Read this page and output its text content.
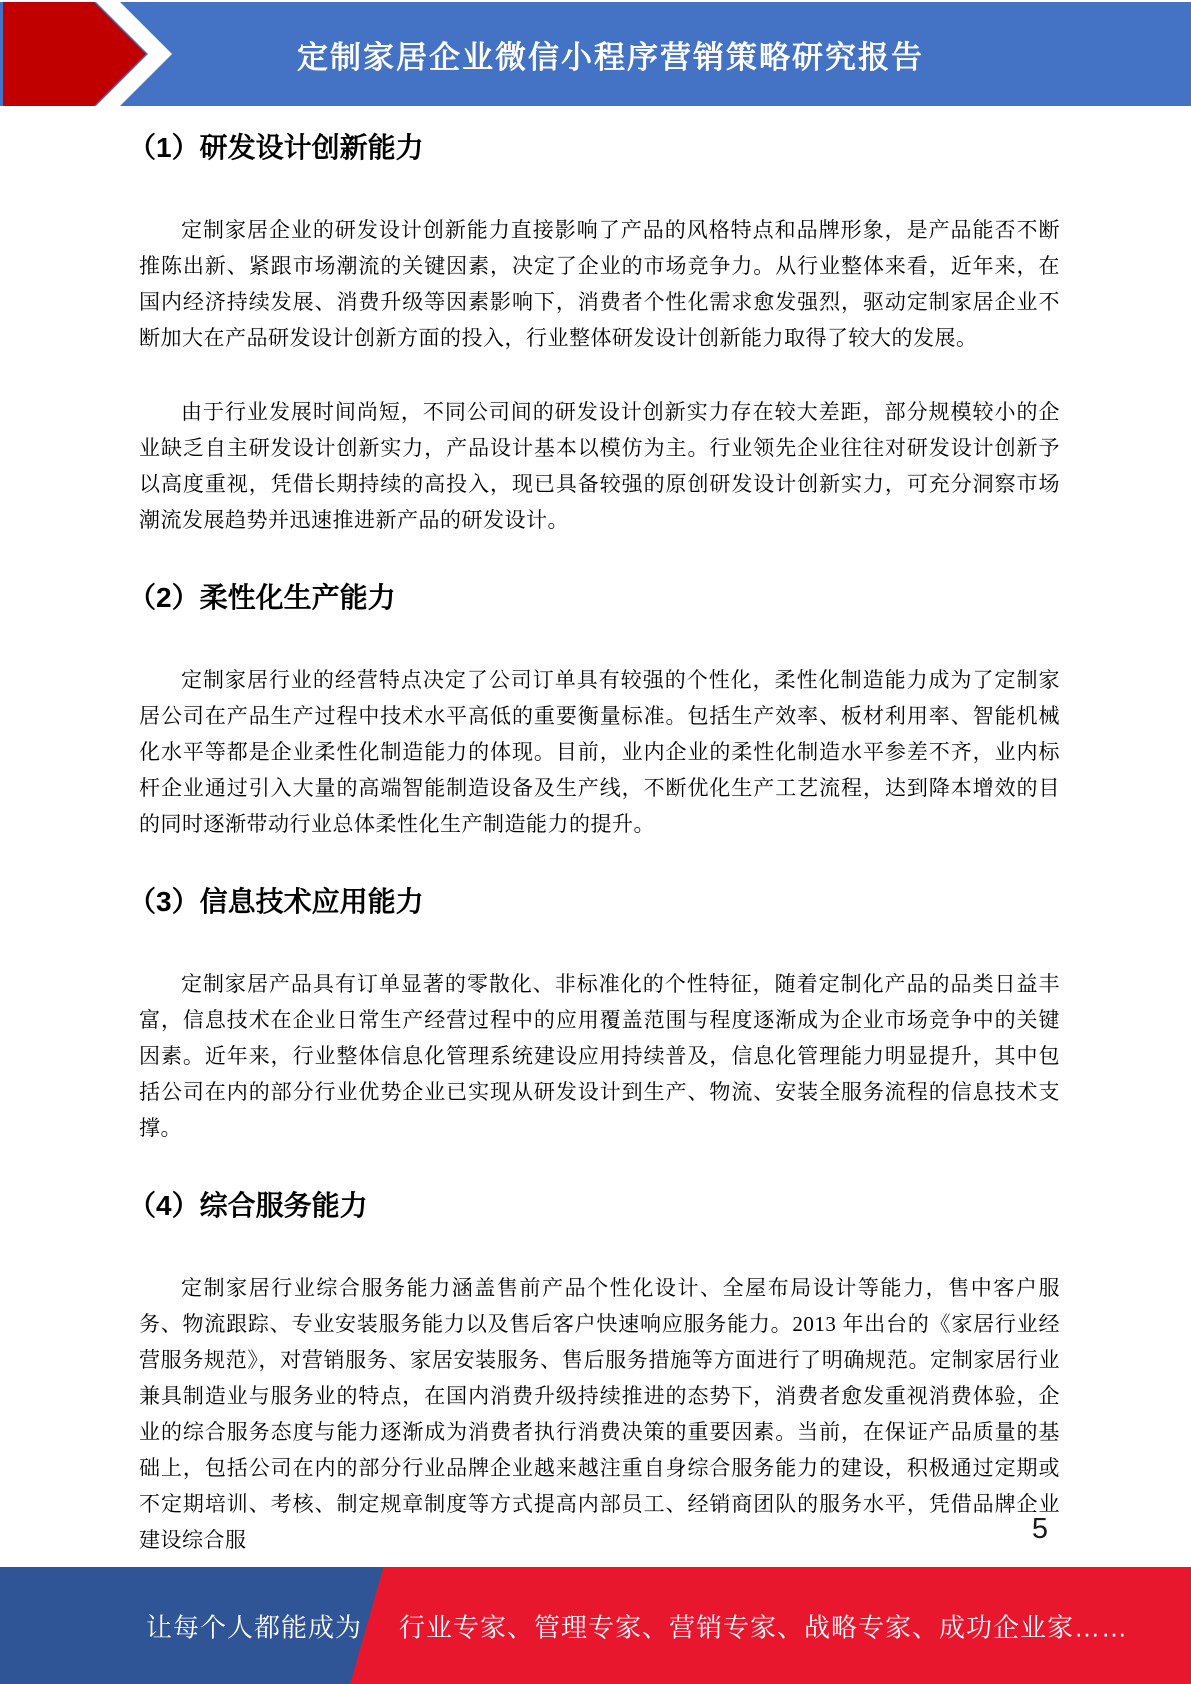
定制家居企业微信小程序营销策略研究报告
（1）研发设计创新能力

定制家居企业的研发设计创新能力直接影响了产品的风格特点和品牌形象，是产品能否不断推陈出新、紧跟市场潮流的关键因素，决定了企业的市场竞争力。从行业整体来看，近年来，在国内经济持续发展、消费升级等因素影响下，消费者个性化需求愈发强烈，驱动定制家居企业不断加大在产品研发设计创新方面的投入，行业整体研发设计创新能力取得了较大的发展。

由于行业发展时间尚短，不同公司间的研发设计创新实力存在较大差距，部分规模较小的企业缺乏自主研发设计创新实力，产品设计基本以模仿为主。行业领先企业往往对研发设计创新予以高度重视，凭借长期持续的高投入，现已具备较强的原创研发设计创新实力，可充分洞察市场潮流发展趋势并迅速推进新产品的研发设计。

（2）柔性化生产能力

定制家居行业的经营特点决定了公司订单具有较强的个性化，柔性化制造能力成为了定制家居公司在产品生产过程中技术水平高低的重要衡量标准。包括生产效率、板材利用率、智能机械化水平等都是企业柔性化制造能力的体现。目前，业内企业的柔性化制造水平参差不齐，业内标杆企业通过引入大量的高端智能制造设备及生产线，不断优化生产工艺流程，达到降本增效的目的同时逐渐带动行业总体柔性化生产制造能力的提升。

（3）信息技术应用能力

定制家居产品具有订单显著的零散化、非标准化的个性特征，随着定制化产品的品类日益丰富，信息技术在企业日常生产经营过程中的应用覆盖范围与程度逐渐成为企业市场竞争中的关键因素。近年来，行业整体信息化管理系统建设应用持续普及，信息化管理能力明显提升，其中包括公司在内的部分行业优势企业已实现从研发设计到生产、物流、安装全服务流程的信息技术支撑。

（4）综合服务能力

定制家居行业综合服务能力涵盖售前产品个性化设计、全屋布局设计等能力，售中客户服务、物流跟踪、专业安装服务能力以及售后客户快速响应服务能力。2013 年出台的《家居行业经营服务规范》，对营销服务、家居安装服务、售后服务措施等方面进行了明确规范。定制家居行业兼具制造业与服务业的特点，在国内消费升级持续推进的态势下，消费者愈发重视消费体验，企业的综合服务态度与能力逐渐成为消费者执行消费决策的重要因素。当前，在保证产品质量的基础上，包括公司在内的部分行业品牌企业越来越注重自身综合服务能力的建设，积极通过定期或不定期培训、考核、制定规章制度等方式提高内部员工、经销商团队的服务水平，凭借品牌企业建设综合服	5
让每个人都能成为 行业专家、管理专家、营销专家、战略专家、成功企业家……
